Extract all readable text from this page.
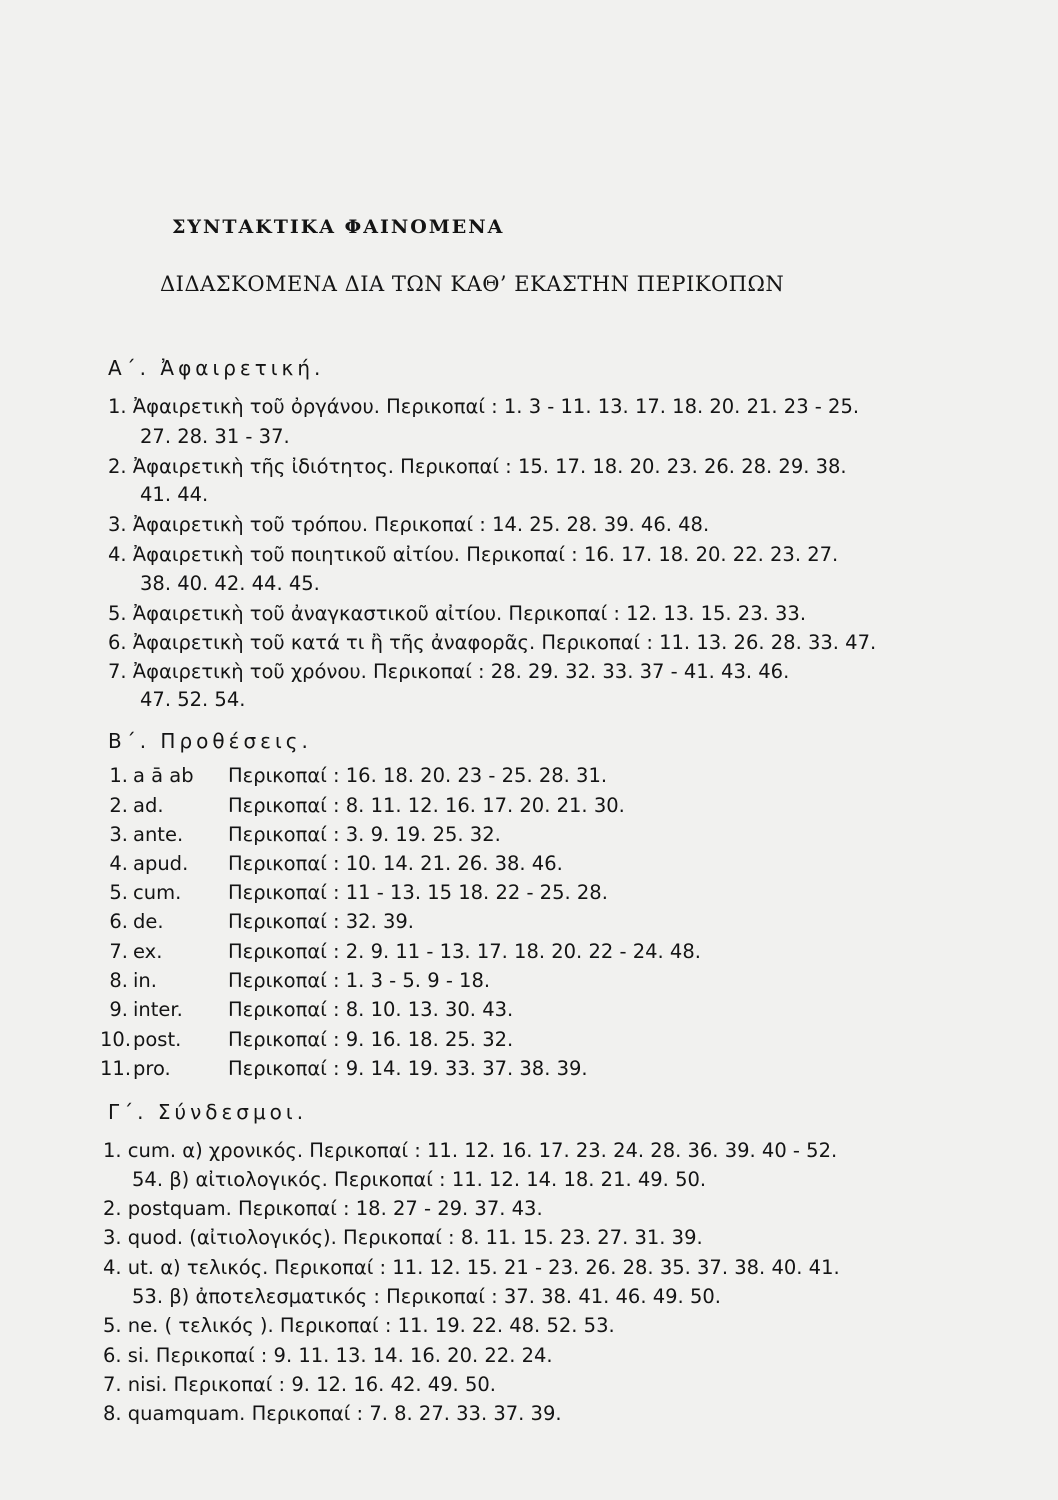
ΣΥΝΤΑΚΤΙΚΑ ΦΑΙΝΟΜΕΝΑ
ΔΙΔΑΣΚΟΜΕΝΑ ΔΙΑ ΤΩΝ ΚΑΘ’ ΕΚΑΣΤΗΝ ΠΕΡΙΚΟΠΩΝ
Α΄. Ἀφαιρετική.
1. Ἀφαιρετικὴ τοῦ ὀργάνου. Περικοπαί : 1. 3 - 11. 13. 17. 18. 20. 21. 23 - 25.
27. 28. 31 - 37.
2. Ἀφαιρετικὴ τῆς ἰδιότητος. Περικοπαί : 15. 17. 18. 20. 23. 26. 28. 29. 38.
41. 44.
3. Ἀφαιρετικὴ τοῦ τρόπου. Περικοπαί : 14. 25. 28. 39. 46. 48.
4. Ἀφαιρετικὴ τοῦ ποιητικοῦ αἰτίου. Περικοπαί : 16. 17. 18. 20. 22. 23. 27.
38. 40. 42. 44. 45.
5. Ἀφαιρετικὴ τοῦ ἀναγκαστικοῦ αἰτίου. Περικοπαί : 12. 13. 15. 23. 33.
6. Ἀφαιρετικὴ τοῦ κατά τι ἢ τῆς ἀναφορᾶς. Περικοπαί : 11. 13. 26. 28. 33. 47.
7. Ἀφαιρετικὴ τοῦ χρόνου. Περικοπαί : 28. 29. 32. 33. 37 - 41. 43. 46.
47. 52. 54.
Β΄. Προθέσεις.
1. a ā ab Περικοπαί : 16. 18. 20. 23 - 25. 28. 31.
2. ad.	Περικοπαί : 8. 11. 12. 16. 17. 20. 21. 30.
3. ante. Περικοπαί : 3. 9. 19. 25. 32.
4. apud. Περικοπαί : 10. 14. 21. 26. 38. 46.
5. cum. Περικοπαί : 11 - 13. 15 18. 22 - 25. 28.
6. de.	Περικοπαί : 32. 39.
7. ex.	Περικοπαί : 2. 9. 11 - 13. 17. 18. 20. 22 - 24. 48.
8. in.	Περικοπαί : 1. 3 - 5. 9 - 18.
9. inter. Περικοπαί : 8. 10. 13. 30. 43.
10. post. Περικοπαί : 9. 16. 18. 25. 32.
11. pro.	Περικοπαί : 9. 14. 19. 33. 37. 38. 39.
Γ΄. Σύνδεσμοι.
1. cum. α) χρονικός. Περικοπαί : 11. 12. 16. 17. 23. 24. 28. 36. 39. 40 - 52.
54. β) αἰτιολογικός. Περικοπαί : 11. 12. 14. 18. 21. 49. 50.
2. postquam. Περικοπαί : 18. 27 - 29. 37. 43.
3. quod. (αἰτιολογικός). Περικοπαί : 8. 11. 15. 23. 27. 31. 39.
4. ut. α) τελικός. Περικοπαί : 11. 12. 15. 21 - 23. 26. 28. 35. 37. 38. 40. 41.
53. β) ἀποτελεσματικός : Περικοπαί : 37. 38. 41. 46. 49. 50.
5. ne. ( τελικός ). Περικοπαί : 11. 19. 22. 48. 52. 53.
6. si. Περικοπαί : 9. 11. 13. 14. 16. 20. 22. 24.
7. nisi. Περικοπαί : 9. 12. 16. 42. 49. 50.
8. quamquam. Περικοπαί : 7. 8. 27. 33. 37. 39.
